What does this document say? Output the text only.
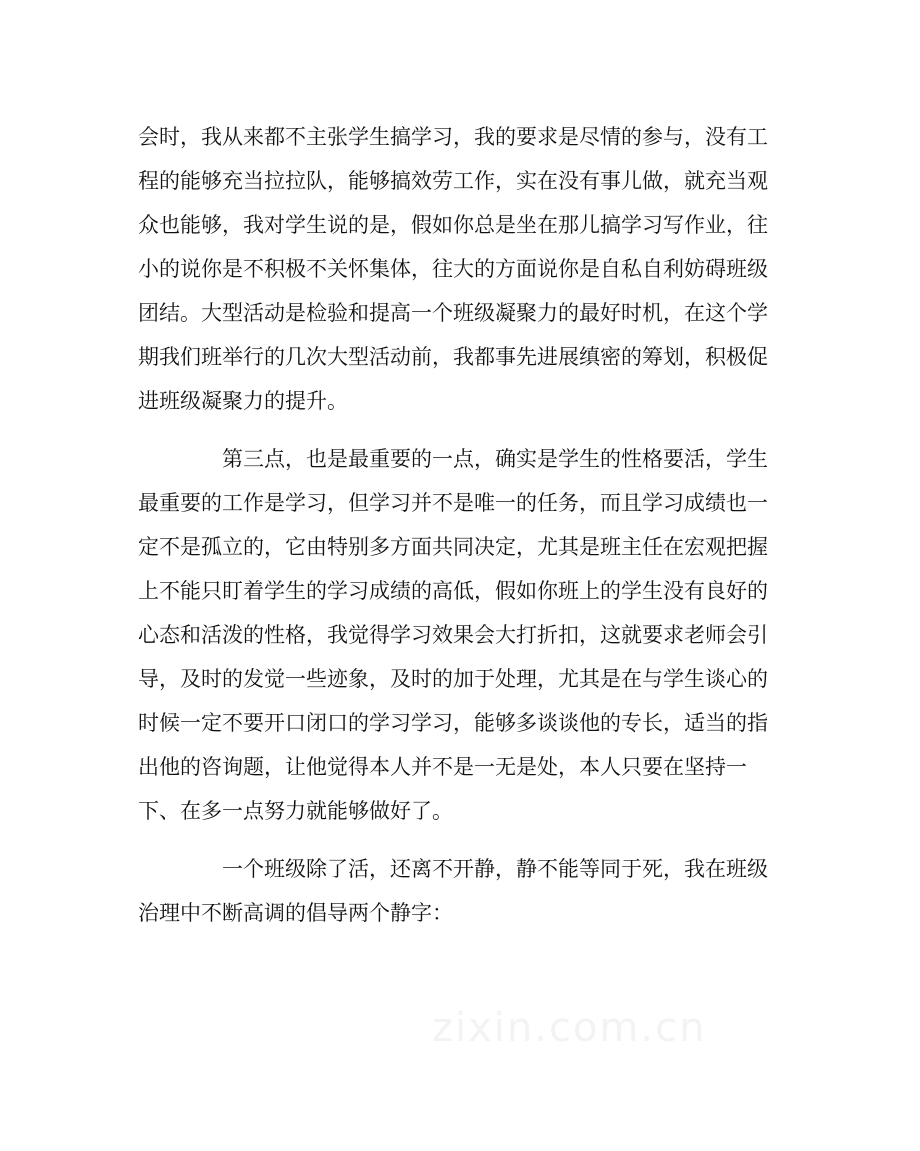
会时，我从来都不主张学生搞学习，我的要求是尽情的参与，没有工
程的能够充当拉拉队，能够搞效劳工作，实在没有事儿做，就充当观
众也能够，我对学生说的是，假如你总是坐在那儿搞学习写作业，往
小的说你是不积极不关怀集体，往大的方面说你是自私自利妨碍班级
团结。大型活动是检验和提高一个班级凝聚力的最好时机，在这个学
期我们班举行的几次大型活动前，我都事先进展缜密的筹划，积极促
进班级凝聚力的提升。
第三点，也是最重要的一点，确实是学生的性格要活，学生
最重要的工作是学习，但学习并不是唯一的任务，而且学习成绩也一
定不是孤立的，它由特别多方面共同决定，尤其是班主任在宏观把握
上不能只盯着学生的学习成绩的高低，假如你班上的学生没有良好的
心态和活泼的性格，我觉得学习效果会大打折扣，这就要求老师会引
导，及时的发觉一些迹象，及时的加于处理，尤其是在与学生谈心的
时候一定不要开口闭口的学习学习，能够多谈谈他的专长，适当的指
出他的咨询题，让他觉得本人并不是一无是处，本人只要在坚持一
下、在多一点努力就能够做好了。
一个班级除了活，还离不开静，静不能等同于死，我在班级
治理中不断高调的倡导两个静字：
zixin.com.cn
